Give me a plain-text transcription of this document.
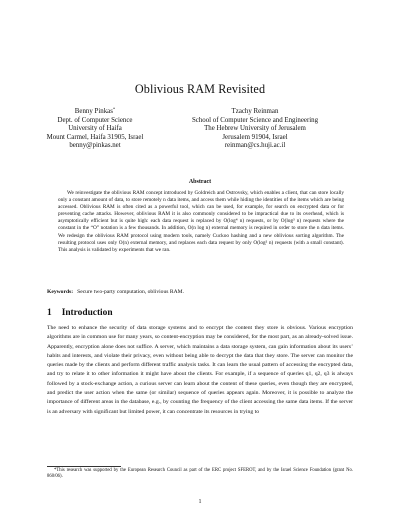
Oblivious RAM Revisited
Benny Pinkas*
Dept. of Computer Science
University of Haifa
Mount Carmel, Haifa 31905, Israel
benny@pinkas.net
Tzachy Reinman
School of Computer Science and Engineering
The Hebrew University of Jerusalem
Jerusalem 91904, Israel
reinman@cs.huji.ac.il
Abstract

We reinvestigate the oblivious RAM concept introduced by Goldreich and Ostrovsky, which enables a client, that can store locally only a constant amount of data, to store remotely n data items, and access them while hiding the identities of the items which are being accessed. Oblivious RAM is often cited as a powerful tool, which can be used, for example, for search on encrypted data or for preventing cache attacks. However, oblivious RAM it is also commonly considered to be impractical due to its overhead, which is asymptotically efficient but is quite high: each data request is replaced by O(log⁴ n) requests, or by O(log³ n) requests where the constant in the “O” notation is a few thousands. In addition, O(n log n) external memory is required in order to store the n data items. We redesign the oblivious RAM protocol using modern tools, namely Cuckoo hashing and a new oblivious sorting algorithm. The resulting protocol uses only O(n) external memory, and replaces each data request by only O(log² n) requests (with a small constant). This analysis is validated by experiments that we ran.

Keywords: Secure two-party computation, oblivious RAM.
1 Introduction

The need to enhance the security of data storage systems and to encrypt the content they store is obvious. Various encryption algorithms are in common use for many years, so content-encryption may be considered, for the most part, as an already-solved issue. Apparently, encryption alone does not suffice. A server, which maintains a data storage system, can gain information about its users’ habits and interests, and violate their privacy, even without being able to decrypt the data that they store. The server can monitor the queries made by the clients and perform different traffic analysis tasks. It can learn the usual pattern of accessing the encrypted data, and try to relate it to other information it might have about the clients. For example, if a sequence of queries q1, q2, q3 is always followed by a stock-exchange action, a curious server can learn about the content of these queries, even though they are encrypted, and predict the user action when the same (or similar) sequence of queries appears again. Moreover, it is possible to analyze the importance of different areas in the database, e.g., by counting the frequency of the client accessing the same data items. If the server is an adversary with significant but limited power, it can concentrate its resources in trying to

*This research was supported by the European Research Council as part of the ERC project SFEROT, and by the Israel Science Foundation (grant No. 860/06).

1
